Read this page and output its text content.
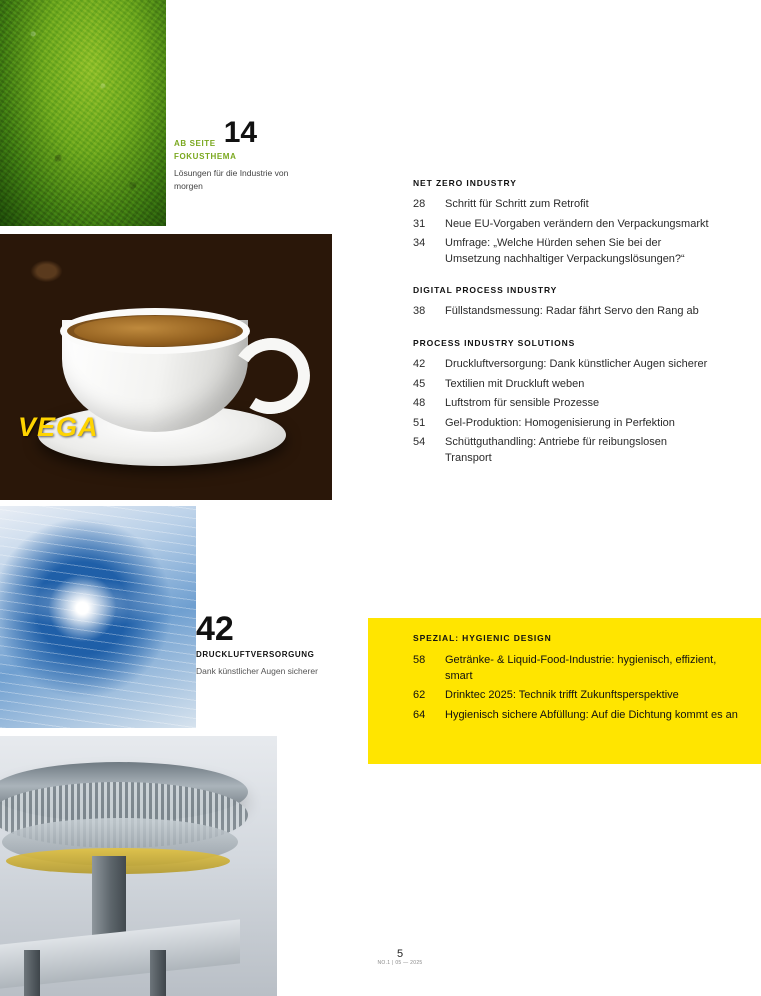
VEGA
AB SEITE 14
FOKUSTHEMA
Lösungen für die Industrie von morgen
42
DRUCKLUFTVERSORGUNG
Dank künstlicher Augen sicherer
NET ZERO INDUSTRY
28	Schritt für Schritt zum Retrofit
31	Neue EU-Vorgaben verändern den Verpackungsmarkt
34	Umfrage: „Welche Hürden sehen Sie bei der Umsetzung nachhaltiger Verpackungslösungen?“
DIGITAL PROCESS INDUSTRY
38	Füllstandsmessung: Radar fährt Servo den Rang ab
PROCESS INDUSTRY SOLUTIONS
42	Druckluftversorgung: Dank künstlicher Augen sicherer
45	Textilien mit Druckluft weben
48	Luftstrom für sensible Prozesse
51	Gel-Produktion: Homogenisierung in Perfektion
54	Schüttguthandling: Antriebe für reibungslosen Transport
SPEZIAL: HYGIENIC DESIGN
58	Getränke- & Liquid-Food-Industrie: hygienisch, effizient, smart
62	Drinktec 2025: Technik trifft Zukunftsperspektive
64	Hygienisch sichere Abfüllung: Auf die Dichtung kommt es an
5
NO.1 | 05 — 2025
